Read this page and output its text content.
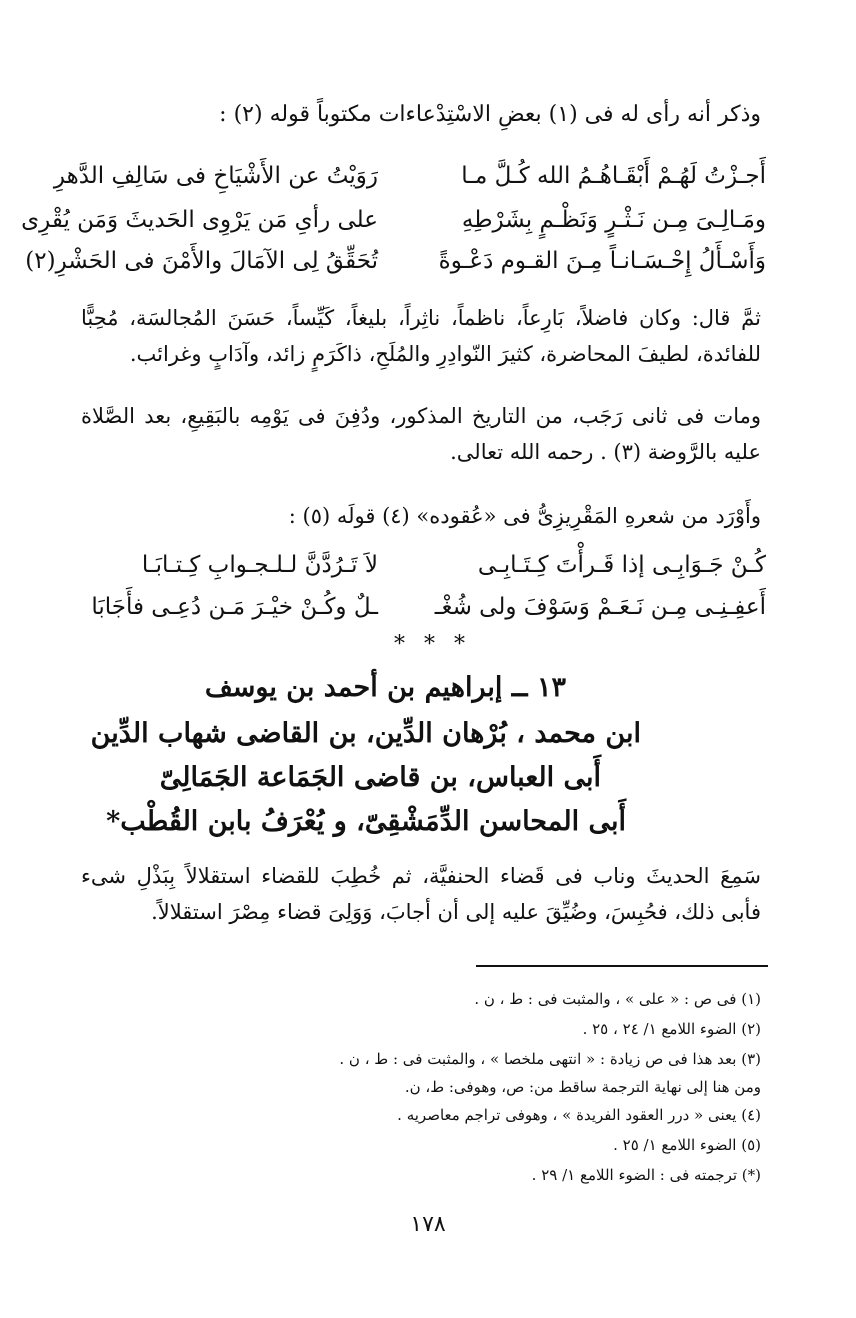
وذكر أنه رأى له فى (١) بعضِ الاسْتِدْعاءات مكتوباً قوله (٢) :
أَجـزْتُ لَهُـمْ أَبْقَـاهُـمُ الله كُـلَّ مـا
رَوَيْتُ عن الأَشْيَاخِ فى سَالِفِ الدَّهرِ
ومَـالِـىَ مِـن نَـثْـرٍ وَنَظْـمٍ بِشَرْطِهِ
على رأىِ مَن يَرْوِى الحَديثَ وَمَن يُقْرِى
وَأَسْـأَلُ إِحْـسَـانـاً مِـنَ القـوم دَعْـوةً
تُحَقِّقُ لِى الآمَالَ والأَمْنَ فى الحَشْرِ(٢)
ثمَّ قال: وكان فاضلاً، بَارِعاً، ناظماً، ناثِراً، بليغاً، كَيِّساً، حَسَنَ المُجالسَة، مُحِبًّا للفائدة، لطيفَ المحاضرة، كثيرَ النّوادِرِ والمُلَحِ، ذاكَرَمٍ زائد، وآدَابٍ وغرائب.
ومات فى ثانى رَجَب، من التاريخ المذكور، ودُفِنَ فى يَوْمِه بالبَقِيعِ، بعد الصَّلاة عليه بالرَّوضة (٣) . رحمه الله تعالى.
وأَوْرَد من شعرهِ المَقْرِيزِىُّ فى «عُقوده» (٤) قولَه (٥) :
كُـنْ جَـوَابِـى إذا قَـرأْتَ كِـتَـابِـى
لاَ تَـرُدَّنَّ لـلـجـوابِ كِـتـابَـا
أَعفِـنِـى مِـن نَـعَـمْ وَسَوْفَ ولى شُغْـ
ـلٌ وكُـنْ خيْـرَ مَـن دُعِـى فأَجَابَا
* * *
١٣ ــ إبراهيم بن أحمد بن يوسف
ابن محمد ، بُرْهان الدِّين، بن القاضى شهاب الدِّين
أَبى العباس، بن قاضى الجَمَاعة الجَمَالِىّ
أَبى المحاسن الدِّمَشْقِىّ، و يُعْرَفُ بابن القُطْب*
سَمِعَ الحديثَ وناب فى قَضاء الحنفيَّة، ثم خُطِبَ للقضاء استقلالاً بِبَذْلِ شىء فأبى ذلك، فحُبِسَ، وضُيِّقَ عليه إلى أن أجابَ، وَوَلِىَ قضاء مِصْرَ استقلالاً.
(١) فى ص : « على » ، والمثبت فى : ط ، ن .
(٢) الضوء اللامع ١/ ٢٤ ، ٢٥ .
(٣) بعد هذا فى ص زيادة : « انتهى ملخصا » ، والمثبت فى : ط ، ن .
ومن هنا إلى نهاية الترجمة ساقط من: ص، وهوفى: ط، ن.
(٤) يعنى « درر العقود الفريدة » ، وهوفى تراجم معاصريه .
(٥) الضوء اللامع ١/ ٢٥ .
(*) ترجمته فى : الضوء اللامع ١/ ٢٩ .
١٧٨
